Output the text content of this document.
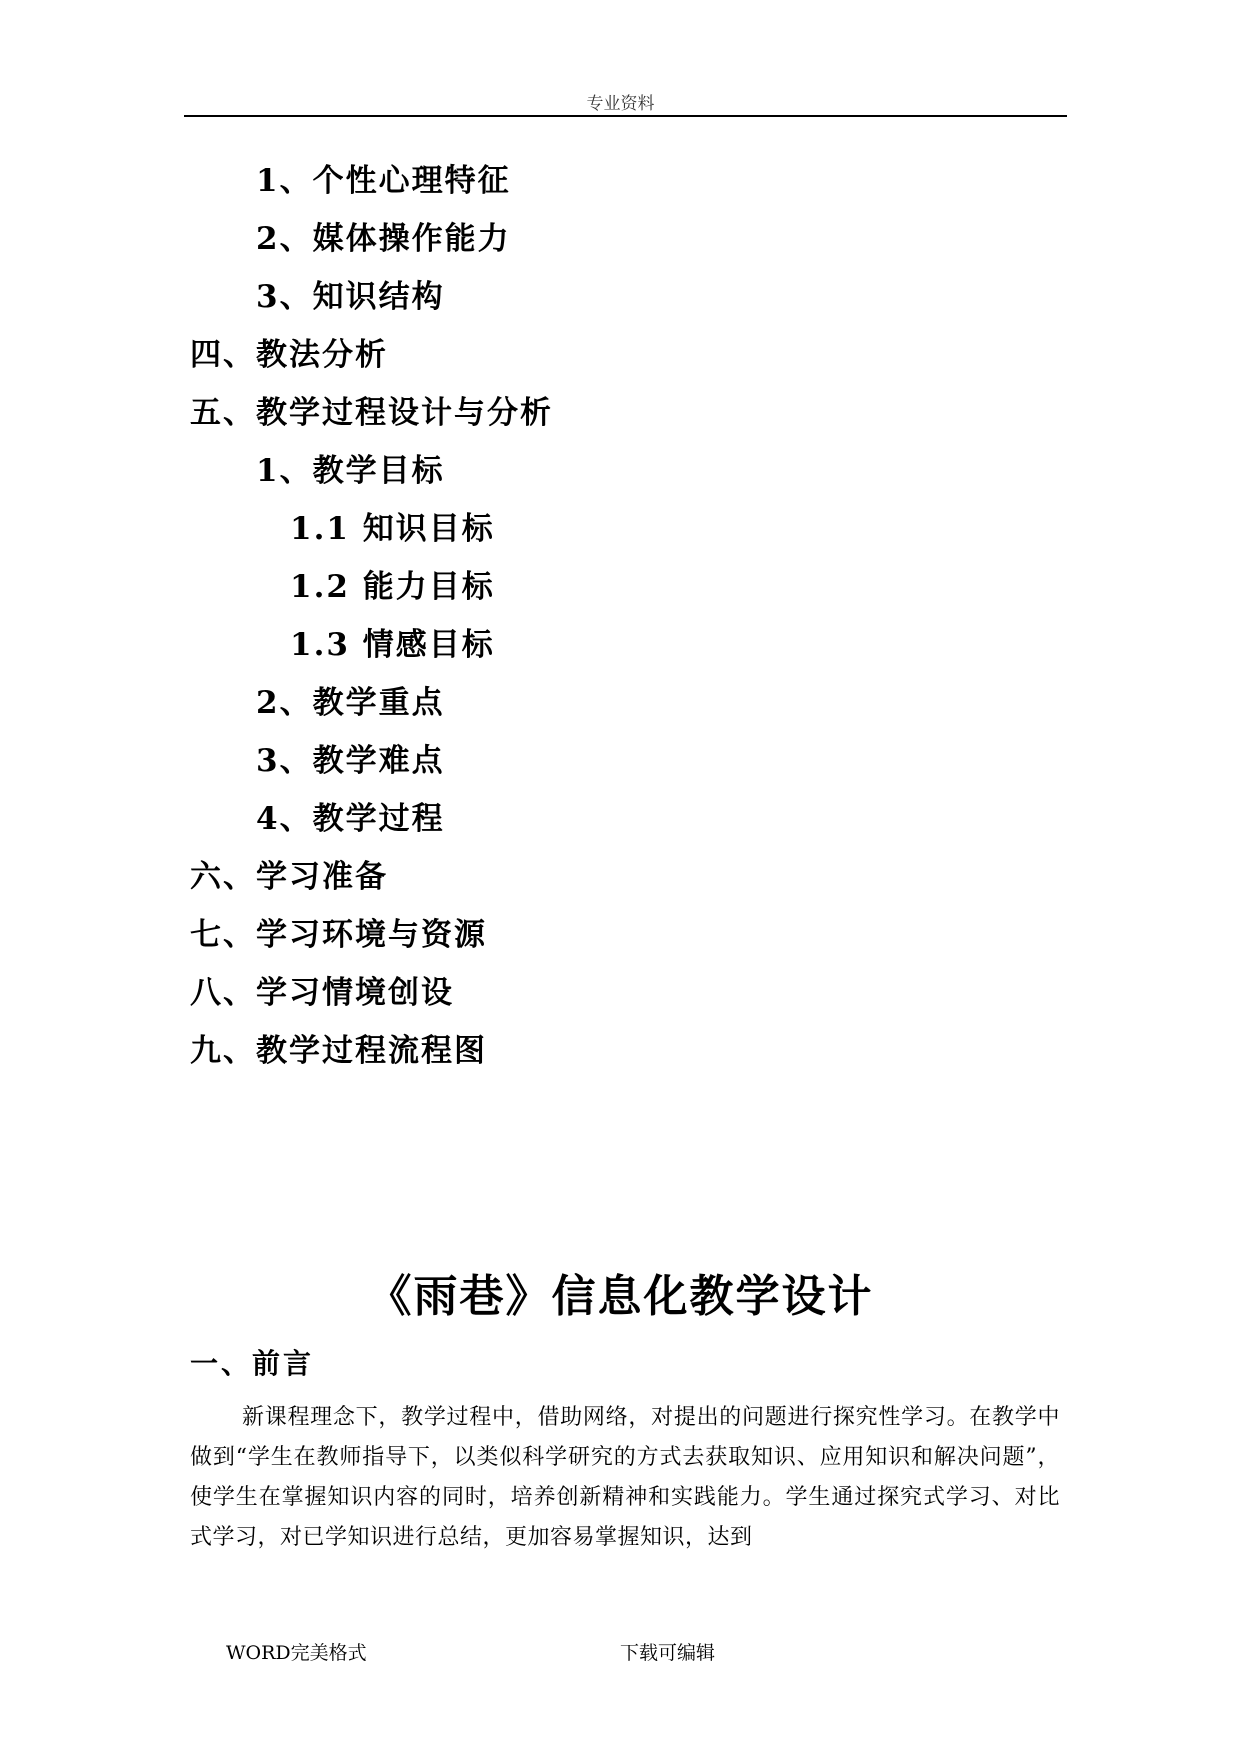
专业资料
1、个性心理特征
2、媒体操作能力
3、知识结构
四、教法分析
五、教学过程设计与分析
1、教学目标
1.1 知识目标
1.2 能力目标
1.3 情感目标
2、教学重点
3、教学难点
4、教学过程
六、学习准备
七、学习环境与资源
八、学习情境创设
九、教学过程流程图
《雨巷》信息化教学设计
一、前言
新课程理念下，教学过程中，借助网络，对提出的问题进行探究性学习。在教学中做到“学生在教师指导下，以类似科学研究的方式去获取知识、应用知识和解决问题”，使学生在掌握知识内容的同时，培养创新精神和实践能力。学生通过探究式学习、对比式学习，对已学知识进行总结，更加容易掌握知识，达到
WORD完美格式	下载可编辑
